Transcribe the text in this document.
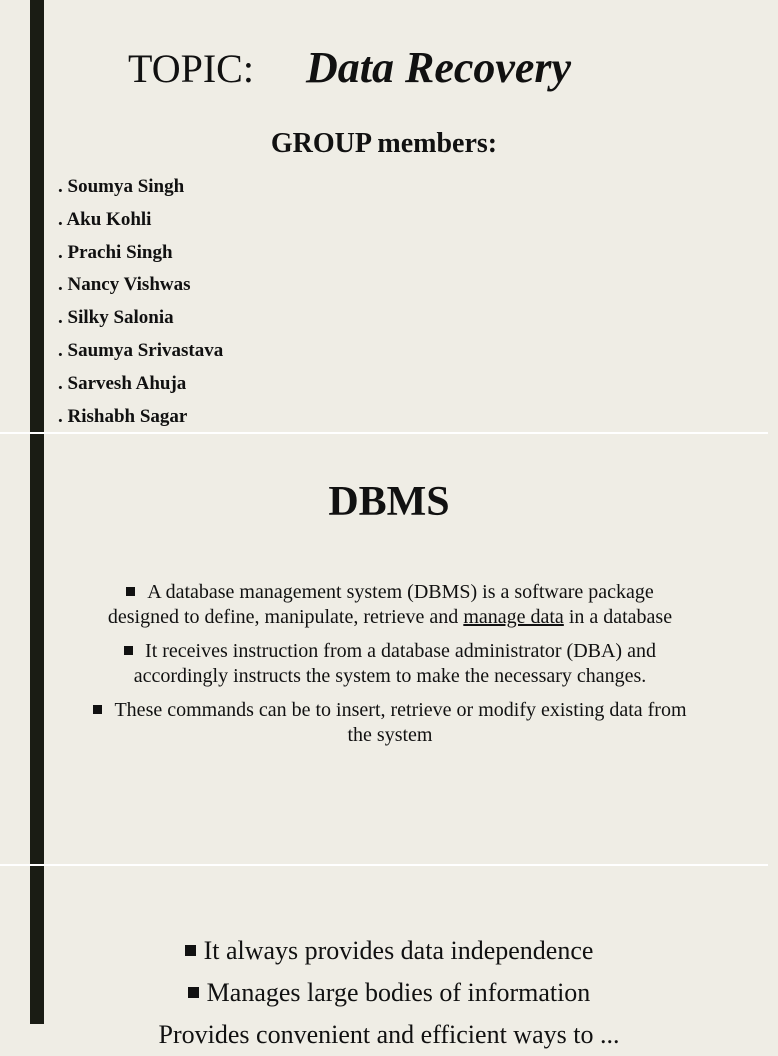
TOPIC: Data Recovery
GROUP members:
. Soumya Singh
. Aku Kohli
. Prachi Singh
. Nancy Vishwas
. Silky Salonia
. Saumya Srivastava
. Sarvesh Ahuja
. Rishabh Sagar
DBMS
A database management system (DBMS) is a software package designed to define, manipulate, retrieve and manage data in a database
It receives instruction from a database administrator (DBA) and accordingly instructs the system to make the necessary changes.
These commands can be to insert, retrieve or modify existing data from the system
It always provides data independence
Manages large bodies of information
Provides convenient and efficient ways to ...
